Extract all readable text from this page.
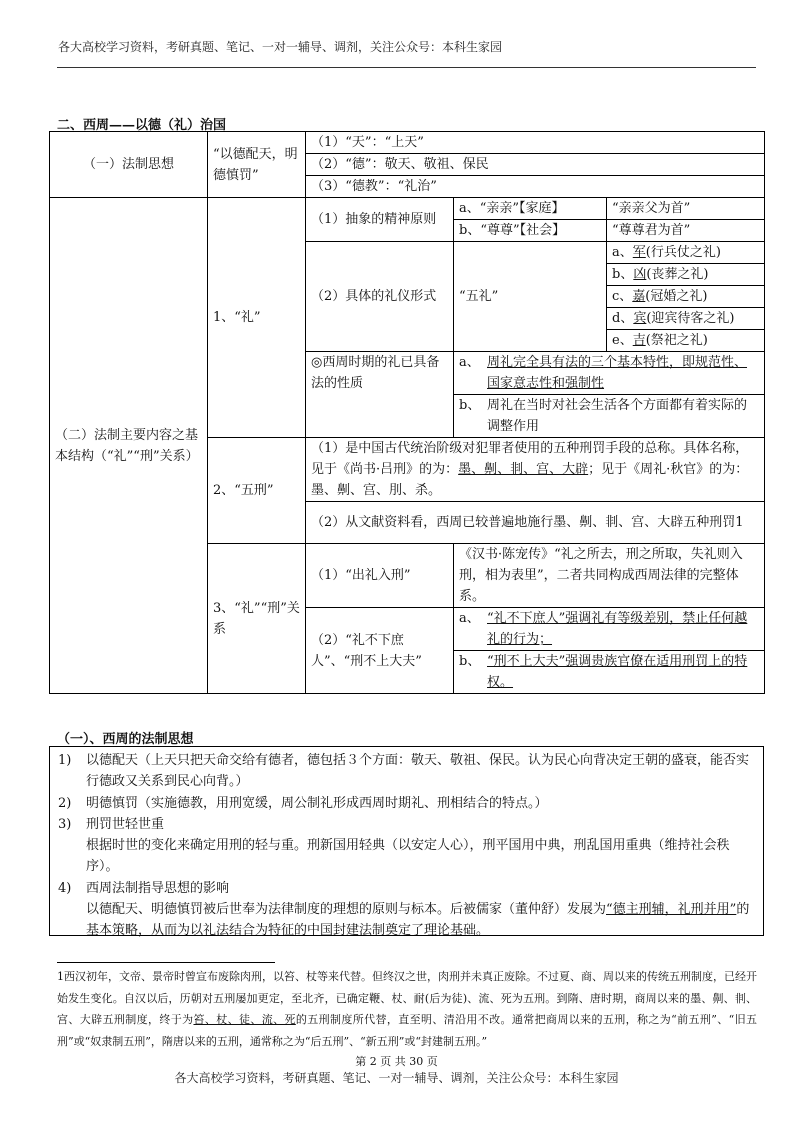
各大高校学习资料，考研真题、笔记、一对一辅导、调剂，关注公众号：本科生家园
二、西周——以德（礼）治国
（一）法制思想	“以德配天，明德慎罚”	（1）“天”：“上天”
（2）“德”：敬天、敬祖、保民
（3）“德教”：“礼治”
（二）法制主要内容之基本结构（“礼”“刑”关系）	1、“礼”	（1）抽象的精神原则	a、“亲亲”【家庭】	“亲亲父为首”
			b、“尊尊”【社会】	“尊尊君为首”
		（2）具体的礼仪形式	“五礼”	a、军(行兵仗之礼)
				b、凶(丧葬之礼)
				c、嘉(冠婚之礼)
				d、宾(迎宾待客之礼)
				e、吉(祭祀之礼)
		◎西周时期的礼已具备法的性质	a、 周礼完全具有法的三个基本特性，即规范性、国家意志性和强制性	

			b、 周礼在当时对社会生活各个方面都有着实际的调整作用	

	2、“五刑”	（1）是中国古代统治阶级对犯罪者使用的五种刑罚手段的总称。具体名称，见于《尚书·吕刑》的为：墨、劓、剕、宫、大辟；见于《周礼·秋官》的为：墨、劓、宫、刖、杀。		
		（2）从文献资料看，西周已较普遍地施行墨、劓、剕、宫、大辟五种刑罚1		
	3、“礼”“刑”关系	（1）“出礼入刑”	《汉书·陈宠传》“礼之所去，刑之所取，失礼则入刑，相为表里”，二者共同构成西周法律的完整体系。	
		（2）“礼不下庶人”、“刑不上大夫”	a、 “礼不下庶人”强调礼有等级差别，禁止任何越礼的行为；	

			b、 “刑不上大夫”强调贵族官僚在适用刑罚上的特权。	
（一）、西周的法制思想
1) 以德配天（上天只把天命交给有德者，德包括３个方面：敬天、敬祖、保民。认为民心向背决定王朝的盛衰，能否实行德政又关系到民心向背。）
2) 明德慎罚（实施德教，用刑宽缓，周公制礼形成西周时期礼、刑相结合的特点。）
3) 刑罚世轻世重
根据时世的变化来确定用刑的轻与重。刑新国用轻典（以安定人心），刑平国用中典，刑乱国用重典（维持社会秩序）。
4) 西周法制指导思想的影响
以德配天、明德慎罚被后世奉为法律制度的理想的原则与标本。后被儒家（董仲舒）发展为“德主刑辅，礼刑并用”的基本策略，从而为以礼法结合为特征的中国封建法制奠定了理论基础。
1西汉初年，文帝、景帝时曾宣布废除肉刑，以笞、杖等来代替。但终汉之世，肉刑并未真正废除。不过夏、商、周以来的传统五刑制度，已经开始发生变化。自汉以后，历朝对五刑屡加更定，至北齐，已确定鞭、杖、耐(后为徒)、流、死为五刑。到隋、唐时期，商周以来的墨、劓、剕、宫、大辟五刑制度，终于为笞、杖、徒、流、死的五刑制度所代替，直至明、清沿用不改。通常把商周以来的五刑，称之为“前五刑”、“旧五刑”或“奴隶制五刑”，隋唐以来的五刑，通常称之为“后五刑”、“新五刑”或“封建制五刑。”
第 2 页 共 30 页
各大高校学习资料，考研真题、笔记、一对一辅导、调剂，关注公众号：本科生家园
